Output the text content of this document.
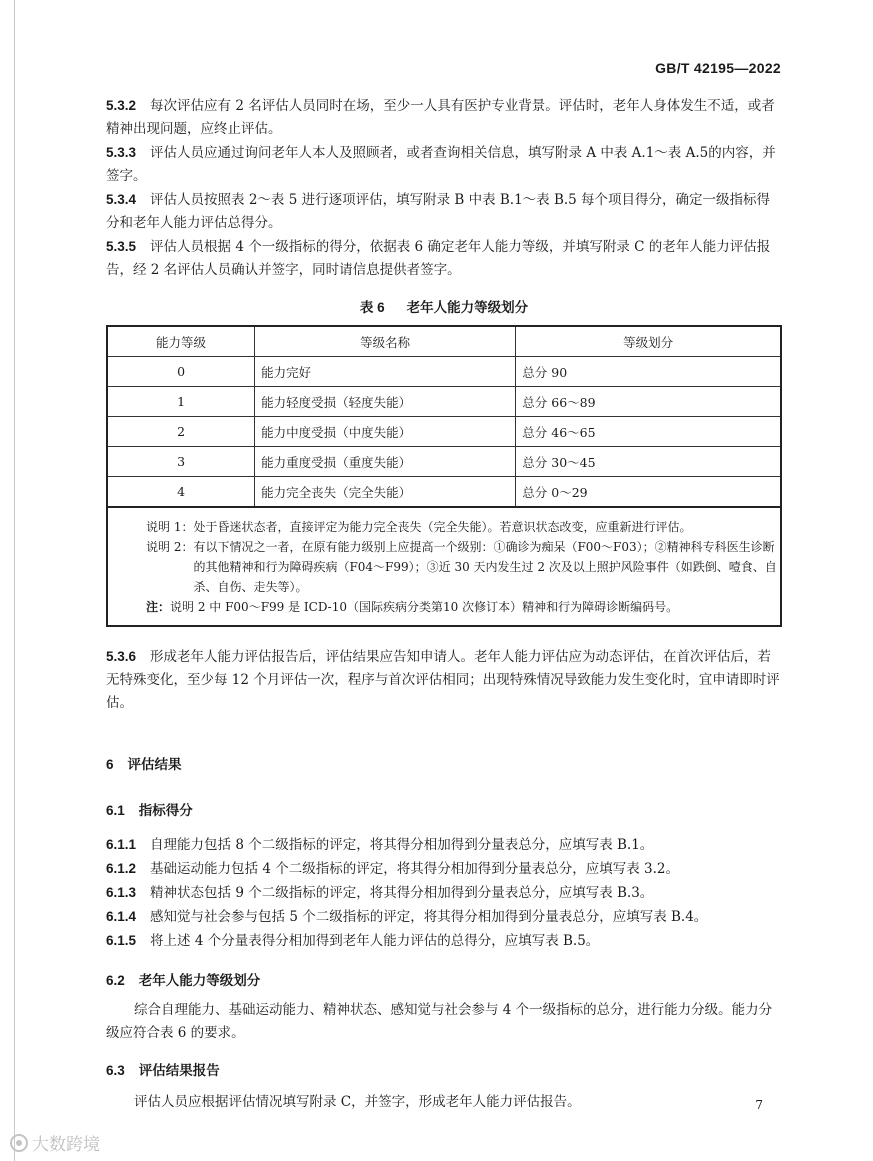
GB/T 42195—2022

5.3.2 每次评估应有 2 名评估人员同时在场，至少一人具有医护专业背景。评估时，老年人身体发生不适，或者精神出现问题，应终止评估。

5.3.3 评估人员应通过询问老年人本人及照顾者，或者查询相关信息，填写附录 A 中表 A.1～表 A.5的内容，并签字。

5.3.4 评估人员按照表 2～表 5 进行逐项评估，填写附录 B 中表 B.1～表 B.5 每个项目得分，确定一级指标得分和老年人能力评估总得分。

5.3.5 评估人员根据 4 个一级指标的得分，依据表 6 确定老年人能力等级，并填写附录 C 的老年人能力评估报告，经 2 名评估人员确认并签字，同时请信息提供者签字。

表 6 老年人能力等级划分
能力等级	等级名称	等级划分
0	能力完好	总分 90
1	能力轻度受损（轻度失能）	总分 66～89
2	能力中度受损（中度失能）	总分 46～65
3	能力重度受损（重度失能）	总分 30～45
4	能力完全丧失（完全失能）	总分 0～29
说明 1：处于昏迷状态者，直接评定为能力完全丧失（完全失能）。若意识状态改变，应重新进行评估。
说明 2： 有以下情况之一者，在原有能力级别上应提高一个级别：①确诊为痴呆（F00～F03）；②精神科专科医生诊断的其他精神和行为障碍疾病（F04～F99）；③近 30 天内发生过 2 次及以上照护风险事件（如跌倒、噎食、自杀、自伤、走失等）。
注： 说明 2 中 F00～F99 是 ICD-10（国际疾病分类第10 次修订本）精神和行为障碍诊断编码号。

5.3.6 形成老年人能力评估报告后，评估结果应告知申请人。老年人能力评估应为动态评估，在首次评估后，若无特殊变化，至少每 12 个月评估一次，程序与首次评估相同；出现特殊情况导致能力发生变化时，宜申请即时评估。

6 评估结果

6.1 指标得分

6.1.1 自理能力包括 8 个二级指标的评定，将其得分相加得到分量表总分，应填写表 B.1。

6.1.2 基础运动能力包括 4 个二级指标的评定，将其得分相加得到分量表总分，应填写表 3.2。

6.1.3 精神状态包括 9 个二级指标的评定，将其得分相加得到分量表总分，应填写表 B.3。

6.1.4 感知觉与社会参与包括 5 个二级指标的评定，将其得分相加得到分量表总分，应填写表 B.4。

6.1.5 将上述 4 个分量表得分相加得到老年人能力评估的总得分，应填写表 B.5。

6.2 老年人能力等级划分

综合自理能力、基础运动能力、精神状态、感知觉与社会参与 4 个一级指标的总分，进行能力分级。能力分级应符合表 6 的要求。

6.3 评估结果报告

评估人员应根据评估情况填写附录 C，并签字，形成老年人能力评估报告。	7
大数跨境
